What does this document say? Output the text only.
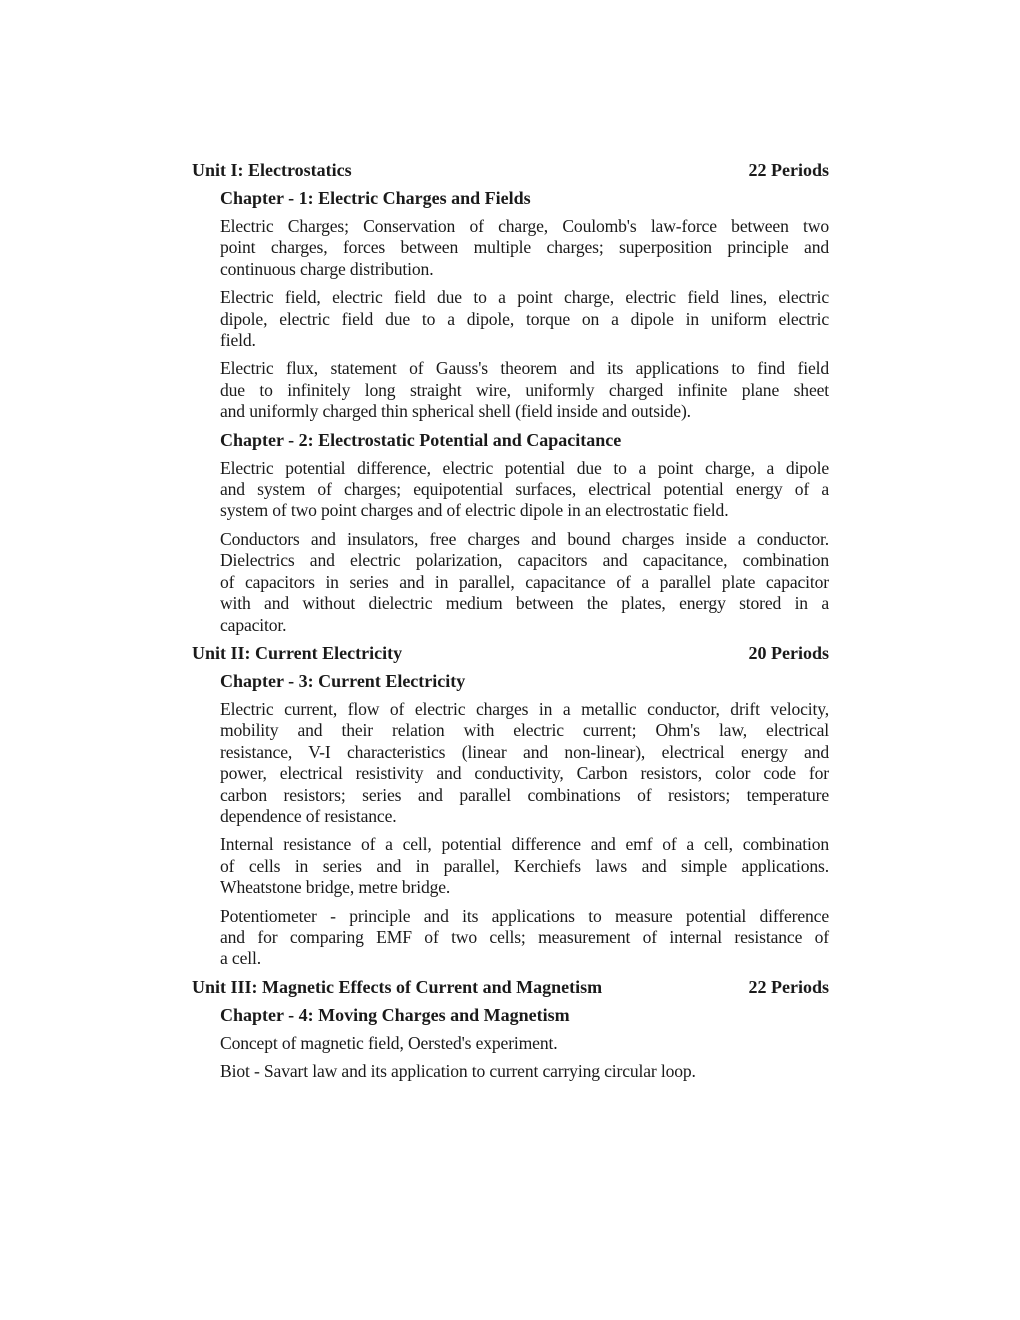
Unit I: Electrostatics	22 Periods
Chapter - 1: Electric Charges and Fields
Electric Charges; Conservation of charge, Coulomb's law-force between two
point charges, forces between multiple charges; superposition principle and
continuous charge distribution.
Electric field, electric field due to a point charge, electric field lines, electric
dipole, electric field due to a dipole, torque on a dipole in uniform electric
field.
Electric flux, statement of Gauss's theorem and its applications to find field
due to infinitely long straight wire, uniformly charged infinite plane sheet
and uniformly charged thin spherical shell (field inside and outside).
Chapter - 2: Electrostatic Potential and Capacitance
Electric potential difference, electric potential due to a point charge, a dipole
and system of charges; equipotential surfaces, electrical potential energy of a
system of two point charges and of electric dipole in an electrostatic field.
Conductors and insulators, free charges and bound charges inside a conductor.
Dielectrics and electric polarization, capacitors and capacitance, combination
of capacitors in series and in parallel, capacitance of a parallel plate capacitor
with and without dielectric medium between the plates, energy stored in a
capacitor.
Unit II: Current Electricity	20 Periods
Chapter - 3: Current Electricity
Electric current, flow of electric charges in a metallic conductor, drift velocity,
mobility and their relation with electric current; Ohm's law, electrical
resistance, V-I characteristics (linear and non-linear), electrical energy and
power, electrical resistivity and conductivity, Carbon resistors, color code for
carbon resistors; series and parallel combinations of resistors; temperature
dependence of resistance.
Internal resistance of a cell, potential difference and emf of a cell, combination
of cells in series and in parallel, Kerchiefs laws and simple applications.
Wheatstone bridge, metre bridge.
Potentiometer - principle and its applications to measure potential difference
and for comparing EMF of two cells; measurement of internal resistance of
a cell.
Unit III: Magnetic Effects of Current and Magnetism	22 Periods
Chapter - 4: Moving Charges and Magnetism
Concept of magnetic field, Oersted's experiment.
Biot - Savart law and its application to current carrying circular loop.
